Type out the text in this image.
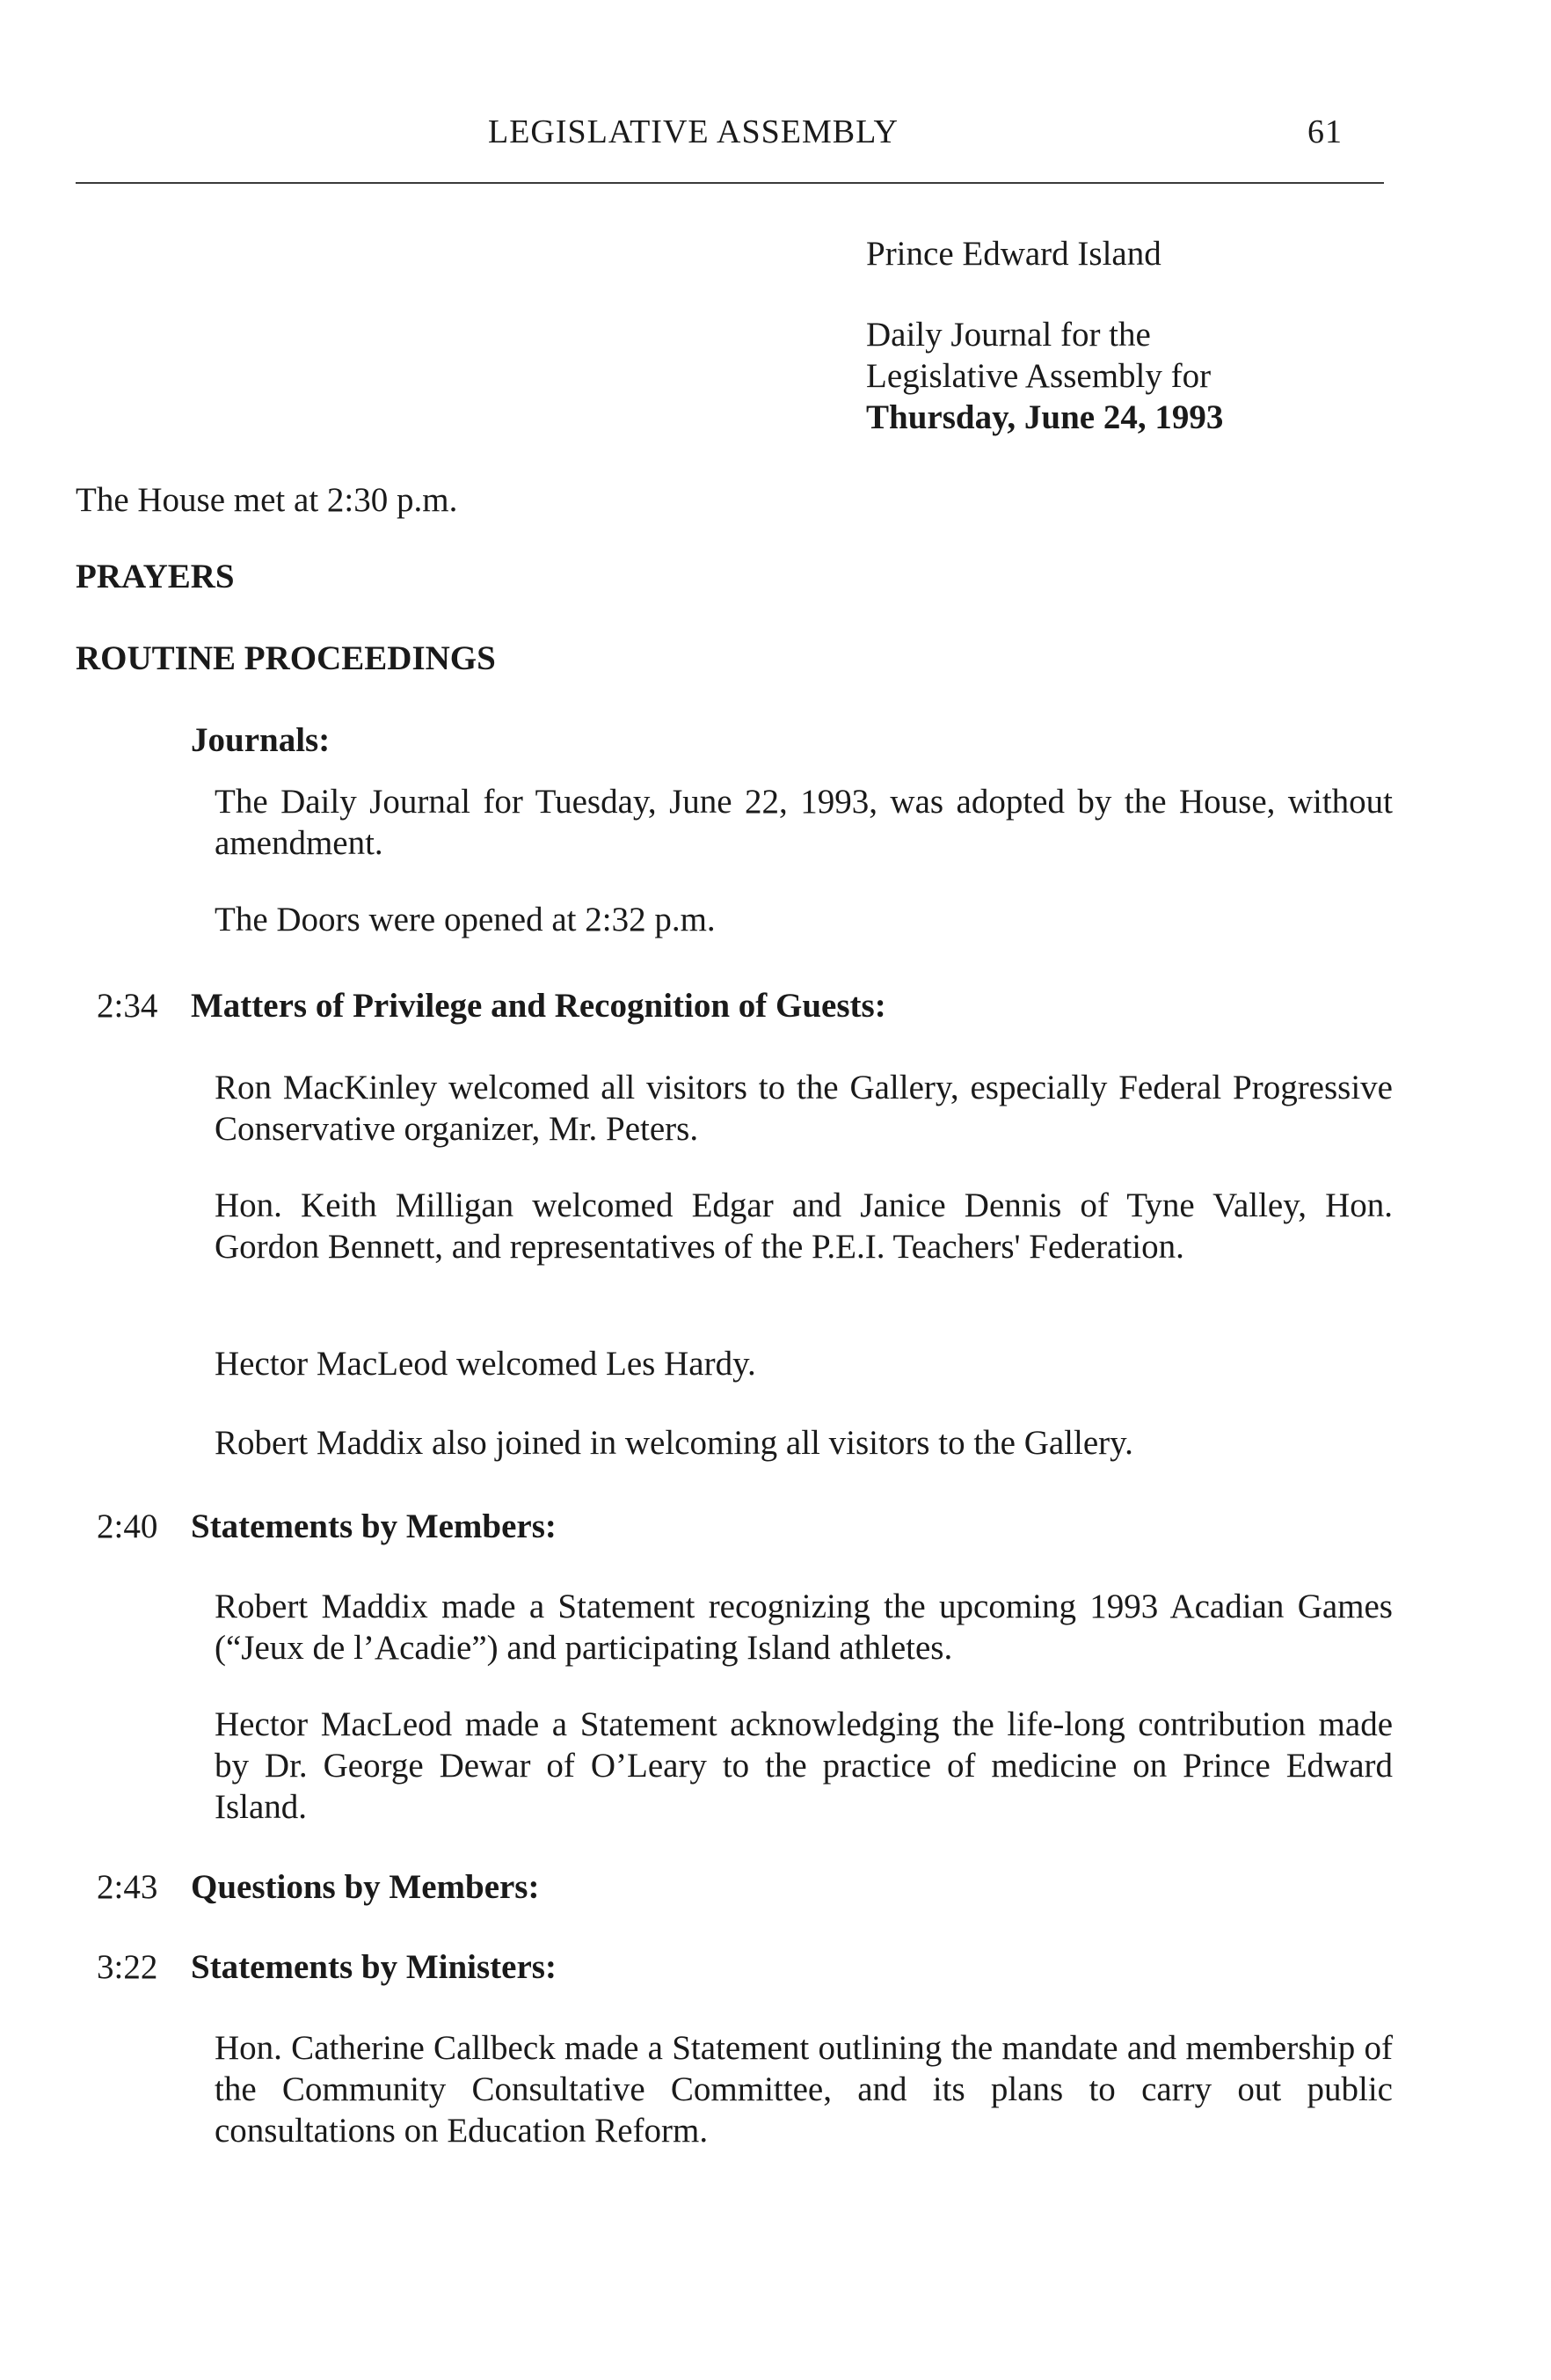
LEGISLATIVE ASSEMBLY	61
Prince Edward Island
Daily Journal for the
Legislative Assembly for
Thursday, June 24, 1993
The House met at 2:30 p.m.
PRAYERS
ROUTINE PROCEEDINGS
Journals:
The Daily Journal for Tuesday, June 22, 1993, was adopted by the House, without amendment.
The Doors were opened at 2:32 p.m.
2:34 Matters of Privilege and Recognition of Guests:
Ron MacKinley welcomed all visitors to the Gallery, especially Federal Progressive Conservative organizer, Mr. Peters.
Hon. Keith Milligan welcomed Edgar and Janice Dennis of Tyne Valley, Hon. Gordon Bennett, and representatives of the P.E.I. Teachers' Federation.
Hector MacLeod welcomed Les Hardy.
Robert Maddix also joined in welcoming all visitors to the Gallery.
2:40 Statements by Members:
Robert Maddix made a Statement recognizing the upcoming 1993 Acadian Games (“Jeux de l’Acadie”) and participating Island athletes.
Hector MacLeod made a Statement acknowledging the life-long contribution made by Dr. George Dewar of O’Leary to the practice of medicine on Prince Edward Island.
2:43 Questions by Members:
3:22 Statements by Ministers:
Hon. Catherine Callbeck made a Statement outlining the mandate and membership of the Community Consultative Committee, and its plans to carry out public consultations on Education Reform.
